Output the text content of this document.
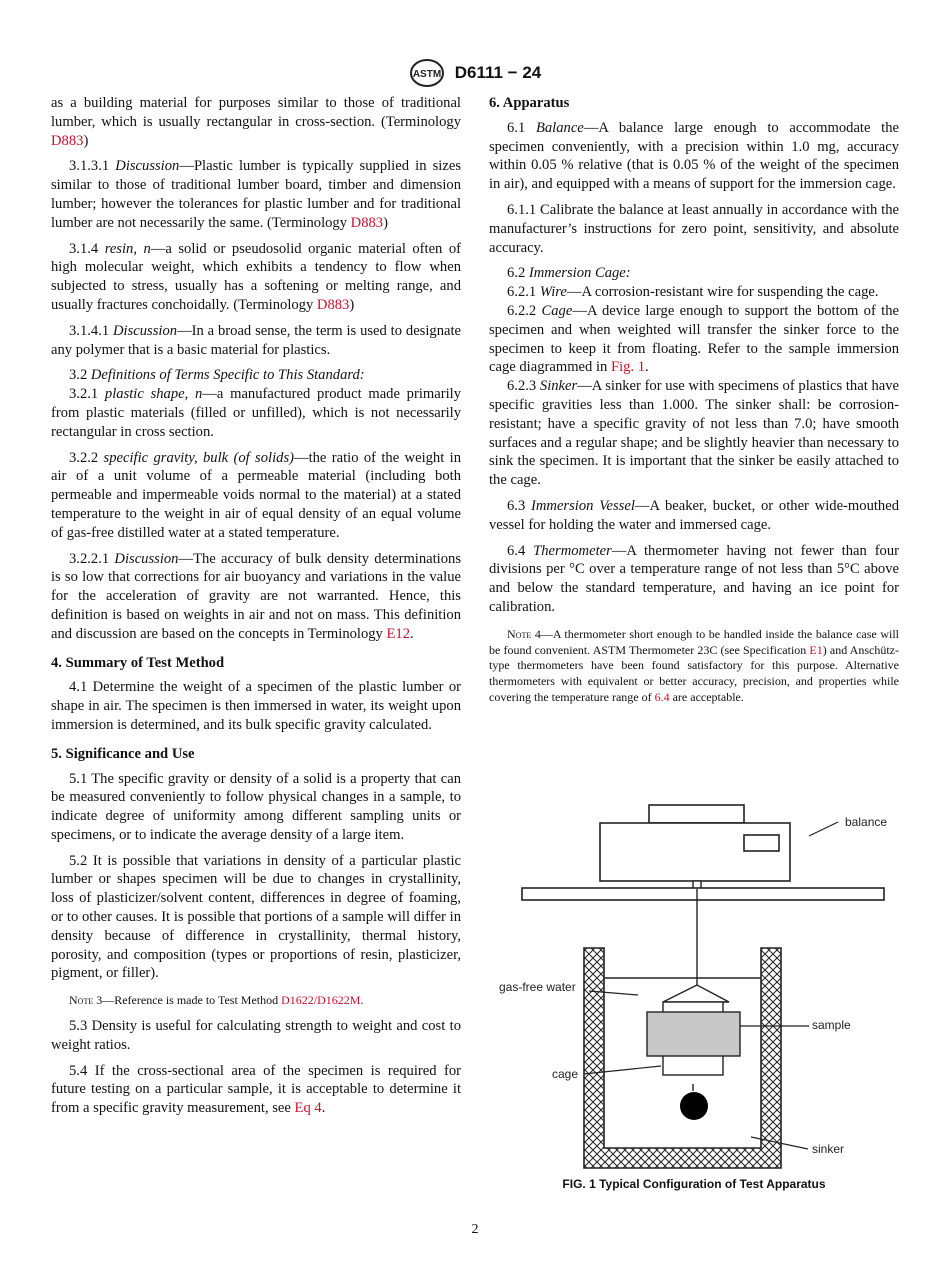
ASTM D6111 − 24

as a building material for purposes similar to those of traditional lumber, which is usually rectangular in cross-section. (Terminology D883)

3.1.3.1 Discussion—Plastic lumber is typically supplied in sizes similar to those of traditional lumber board, timber and dimension lumber; however the tolerances for plastic lumber and for traditional lumber are not necessarily the same. (Terminology D883)

3.1.4 resin, n—a solid or pseudosolid organic material often of high molecular weight, which exhibits a tendency to flow when subjected to stress, usually has a softening or melting range, and usually fractures conchoidally. (Terminology D883)

3.1.4.1 Discussion—In a broad sense, the term is used to designate any polymer that is a basic material for plastics.

3.2 Definitions of Terms Specific to This Standard:

3.2.1 plastic shape, n—a manufactured product made primarily from plastic materials (filled or unfilled), which is not necessarily rectangular in cross section.

3.2.2 specific gravity, bulk (of solids)—the ratio of the weight in air of a unit volume of a permeable material (including both permeable and impermeable voids normal to the material) at a stated temperature to the weight in air of equal density of an equal volume of gas-free distilled water at a stated temperature.

3.2.2.1 Discussion—The accuracy of bulk density determinations is so low that corrections for air buoyancy and variations in the value for the acceleration of gravity are not warranted. Hence, this definition is based on weights in air and not on mass. This definition and discussion are based on the concepts in Terminology E12.

4. Summary of Test Method

4.1 Determine the weight of a specimen of the plastic lumber or shape in air. The specimen is then immersed in water, its weight upon immersion is determined, and its bulk specific gravity calculated.

5. Significance and Use

5.1 The specific gravity or density of a solid is a property that can be measured conveniently to follow physical changes in a sample, to indicate degree of uniformity among different sampling units or specimens, or to indicate the average density of a large item.

5.2 It is possible that variations in density of a particular plastic lumber or shapes specimen will be due to changes in crystallinity, loss of plasticizer/solvent content, differences in degree of foaming, or to other causes. It is possible that portions of a sample will differ in density because of difference in crystallinity, thermal history, porosity, and composition (types or proportions of resin, plasticizer, pigment, or filler).

Note 3—Reference is made to Test Method D1622/D1622M.

5.3 Density is useful for calculating strength to weight and cost to weight ratios.

5.4 If the cross-sectional area of the specimen is required for future testing on a particular sample, it is acceptable to determine it from a specific gravity measurement, see Eq 4.

6. Apparatus

6.1 Balance—A balance large enough to accommodate the specimen conveniently, with a precision within 1.0 mg, accuracy within 0.05 % relative (that is 0.05 % of the weight of the specimen in air), and equipped with a means of support for the immersion cage.

6.1.1 Calibrate the balance at least annually in accordance with the manufacturer’s instructions for zero point, sensitivity, and absolute accuracy.

6.2 Immersion Cage:

6.2.1 Wire—A corrosion-resistant wire for suspending the cage.

6.2.2 Cage—A device large enough to support the bottom of the specimen and when weighted will transfer the sinker force to the specimen to keep it from floating. Refer to the sample immersion cage diagrammed in Fig. 1.

6.2.3 Sinker—A sinker for use with specimens of plastics that have specific gravities less than 1.000. The sinker shall: be corrosion-resistant; have a specific gravity of not less than 7.0; have smooth surfaces and a regular shape; and be slightly heavier than necessary to sink the specimen. It is important that the sinker be easily attached to the cage.

6.3 Immersion Vessel—A beaker, bucket, or other wide-mouthed vessel for holding the water and immersed cage.

6.4 Thermometer—A thermometer having not fewer than four divisions per °C over a temperature range of not less than 5°C above and below the standard temperature, and having an ice point for calibration.

Note 4—A thermometer short enough to be handled inside the balance case will be found convenient. ASTM Thermometer 23C (see Specification E1) and Anschütz-type thermometers have been found satisfactory for this purpose. Alternative thermometers with equivalent or better accuracy, precision, and properties while covering the temperature range of 6.4 are acceptable.
balance
gas-free water
sample
cage
sinker
FIG. 1 Typical Configuration of Test Apparatus
2
